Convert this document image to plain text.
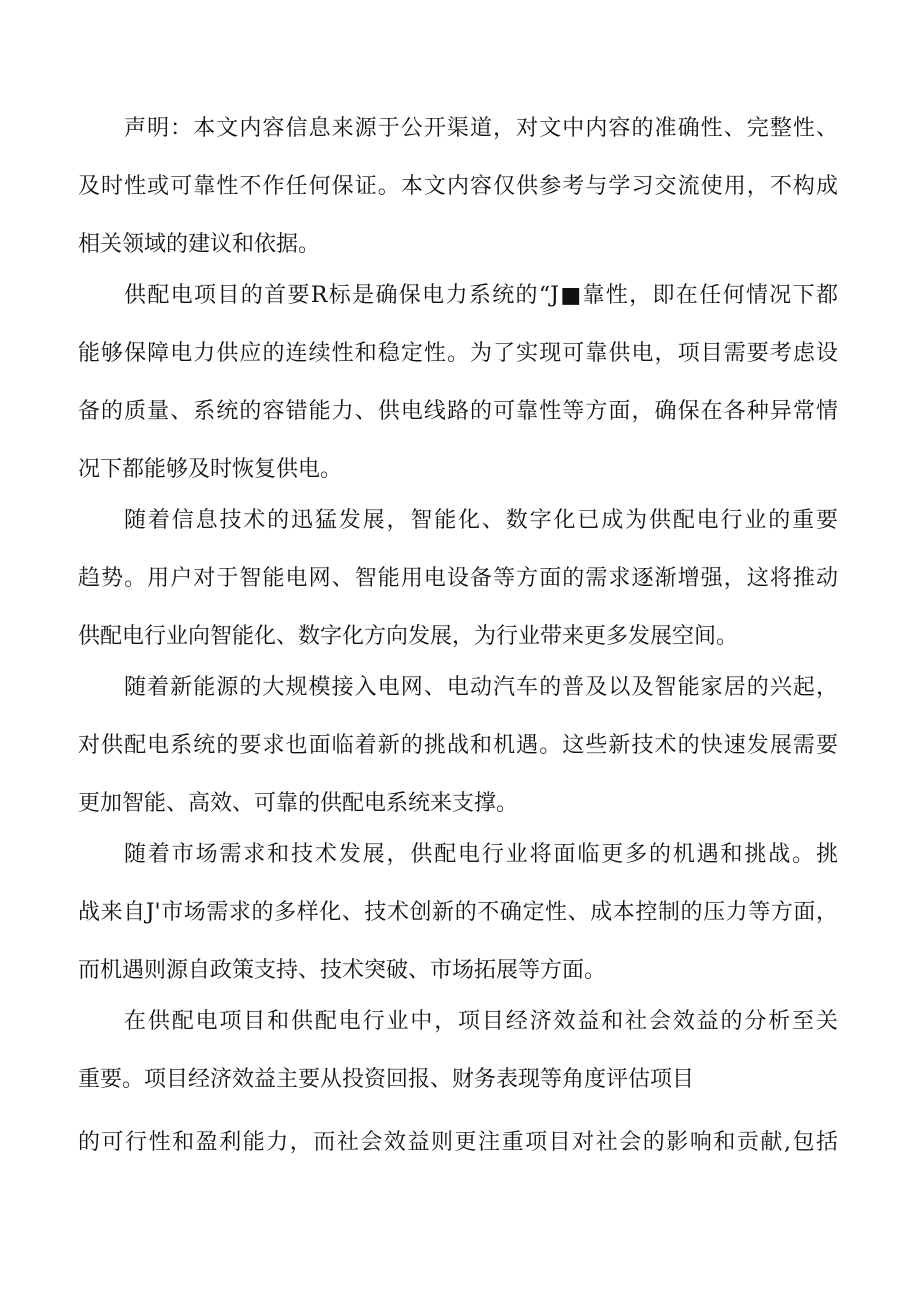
声明：本文内容信息来源于公开渠道，对文中内容的准确性、完整性、
及时性或可靠性不作任何保证。本文内容仅供参考与学习交流使用，不构成
相关领域的建议和依据。

供配电项目的首要R标是确保电力系统的“J■靠性，即在任何情况下都
能够保障电力供应的连续性和稳定性。为了实现可靠供电，项目需要考虑设
备的质量、系统的容错能力、供电线路的可靠性等方面，确保在各种异常情
况下都能够及时恢复供电。

随着信息技术的迅猛发展，智能化、数字化已成为供配电行业的重要
趋势。用户对于智能电网、智能用电设备等方面的需求逐渐增强，这将推动
供配电行业向智能化、数字化方向发展，为行业带来更多发展空间。

随着新能源的大规模接入电网、电动汽车的普及以及智能家居的兴起，
对供配电系统的要求也面临着新的挑战和机遇。这些新技术的快速发展需要
更加智能、高效、可靠的供配电系统来支撑。

随着市场需求和技术发展，供配电行业将面临更多的机遇和挑战。挑
战来自J'市场需求的多样化、技术创新的不确定性、成本控制的压力等方面，
而机遇则源自政策支持、技术突破、市场拓展等方面。

在供配电项目和供配电行业中，项目经济效益和社会效益的分析至关
重要。项目经济效益主要从投资回报、财务表现等角度评估项目

的可行性和盈利能力，而社会效益则更注重项目对社会的影响和贡献,包括
